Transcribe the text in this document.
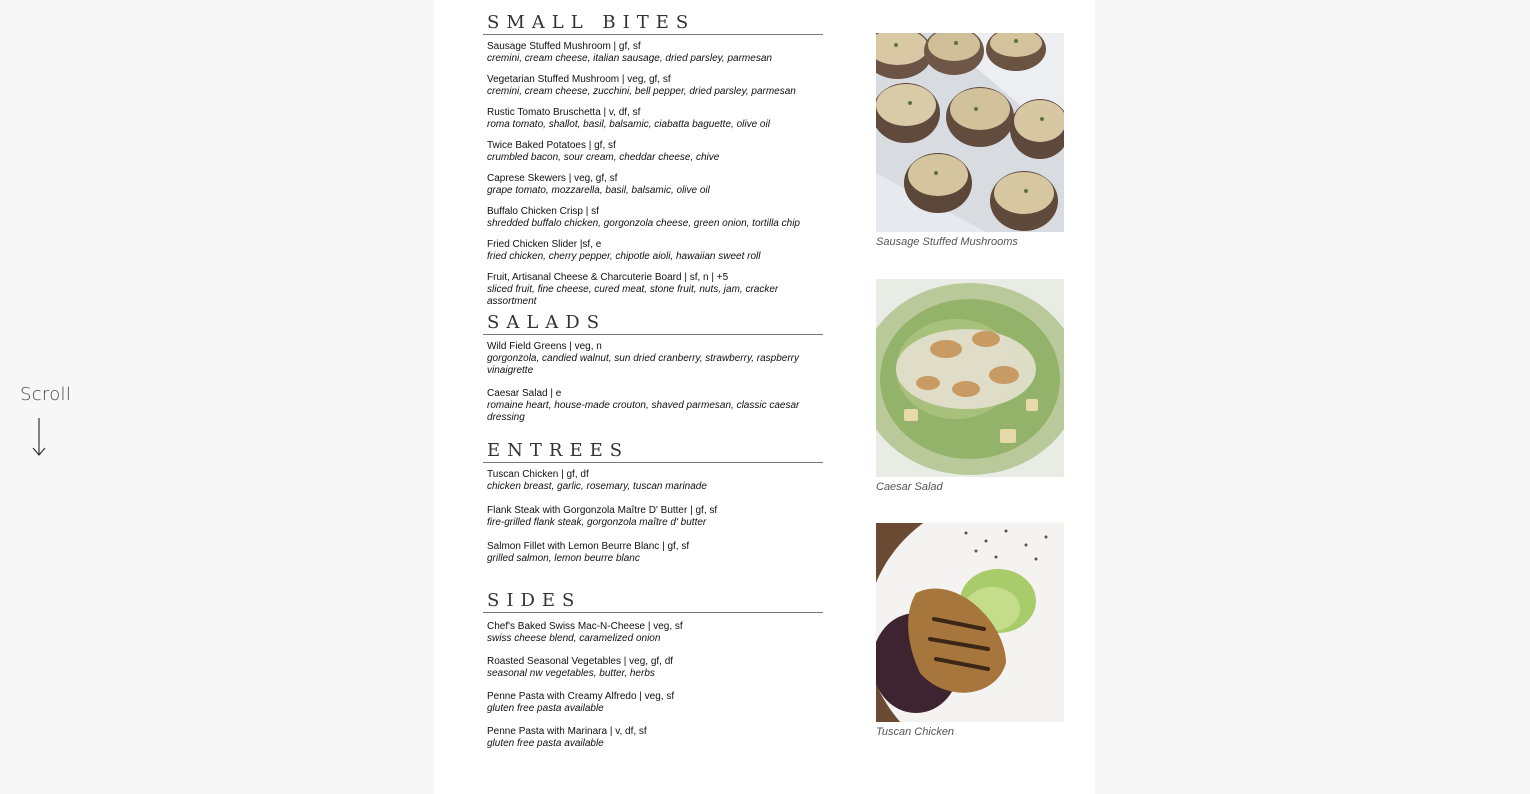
Scroll
SMALL BITES
Sausage Stuffed Mushroom | gf, sf
cremini, cream cheese, italian sausage, dried parsley, parmesan
Vegetarian Stuffed Mushroom | veg, gf, sf
cremini, cream cheese, zucchini, bell pepper, dried parsley, parmesan
Rustic Tomato Bruschetta | v, df, sf
roma tomato, shallot, basil, balsamic, ciabatta baguette, olive oil
Twice Baked Potatoes | gf, sf
crumbled bacon, sour cream, cheddar cheese, chive
Caprese Skewers | veg, gf, sf
grape tomato, mozzarella, basil, balsamic, olive oil
Buffalo Chicken Crisp | sf
shredded buffalo chicken, gorgonzola cheese, green onion, tortilla chip
Fried Chicken Slider |sf, e
fried chicken, cherry pepper, chipotle aioli, hawaiian sweet roll
Fruit, Artisanal Cheese & Charcuterie Board | sf, n | +5
sliced fruit, fine cheese, cured meat, stone fruit, nuts, jam, cracker assortment
SALADS
Wild Field Greens | veg, n
gorgonzola, candied walnut, sun dried cranberry, strawberry, raspberry vinaigrette
Caesar Salad | e
romaine heart, house-made crouton, shaved parmesan, classic caesar dressing
ENTREES
Tuscan Chicken | gf, df
chicken breast, garlic, rosemary, tuscan marinade
Flank Steak with Gorgonzola Maître D' Butter | gf, sf
fire-grilled flank steak, gorgonzola maître d' butter
Salmon Fillet with Lemon Beurre Blanc | gf, sf
grilled salmon, lemon beurre blanc
SIDES
Chef's Baked Swiss Mac-N-Cheese | veg, sf
swiss cheese blend, caramelized onion
Roasted Seasonal Vegetables | veg, gf, df
seasonal nw vegetables, butter, herbs
Penne Pasta with Creamy Alfredo | veg, sf
gluten free pasta available
Penne Pasta with Marinara | v, df, sf
gluten free pasta available
Sausage Stuffed Mushrooms
Caesar Salad
Tuscan Chicken
